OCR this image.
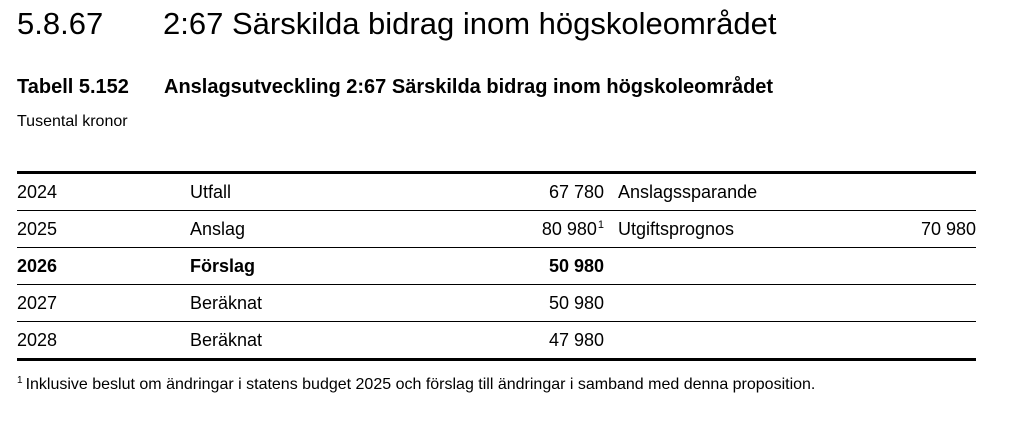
5.8.67 2:67 Särskilda bidrag inom högskoleområdet
Tabell 5.152 Anslagsutveckling 2:67 Särskilda bidrag inom högskoleområdet

Tusental kronor

2024	Utfall	67 780	Anslagssparande	
2025	Anslag	80 $980^1$	Utgiftsprognos	70 980
2026	Förslag	50 980		
2027	Beräknat	50 980		
2028	Beräknat	47 980		

$^1$ Inklusive beslut om ändringar i statens budget 2025 och förslag till ändringar i samband med denna proposition.
